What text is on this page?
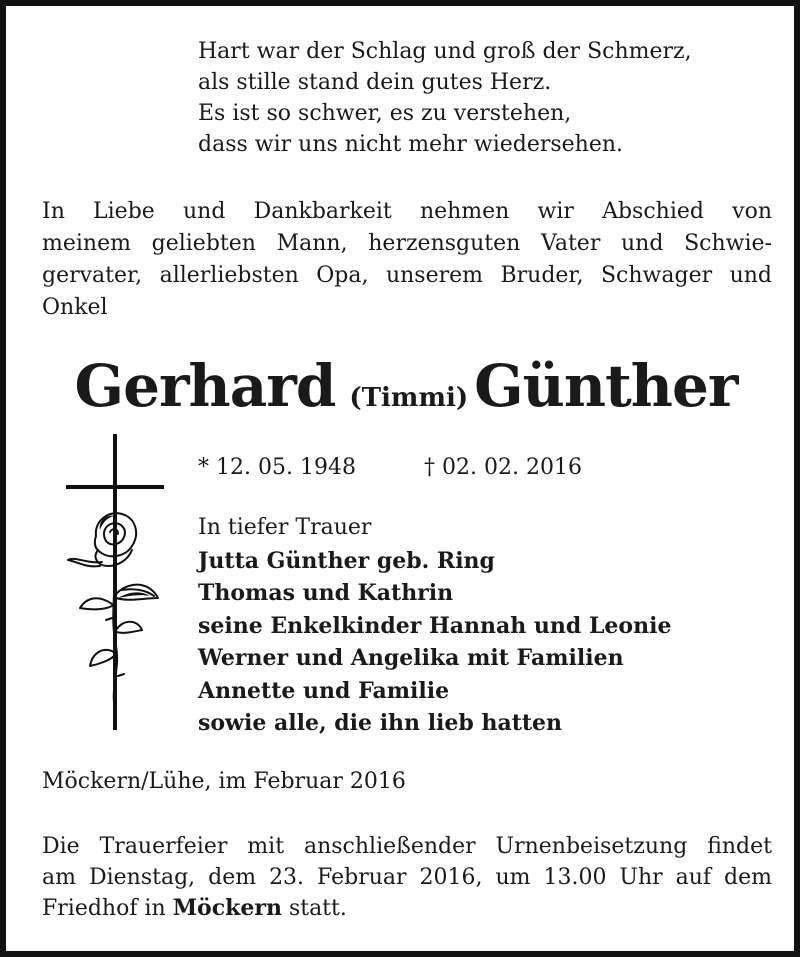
Hart war der Schlag und groß der Schmerz,
als stille stand dein gutes Herz.
Es ist so schwer, es zu verstehen,
dass wir uns nicht mehr wiedersehen.
In Liebe und Dankbarkeit nehmen wir Abschied von
meinem geliebten Mann, herzensguten Vater und Schwie-
gervater, allerliebsten Opa, unserem Bruder, Schwager und
Onkel
Gerhard (Timmi) Günther
* 12. 05. 1948	† 02. 02. 2016
In tiefer Trauer
Jutta Günther geb. Ring
Thomas und Kathrin
seine Enkelkinder Hannah und Leonie
Werner und Angelika mit Familien
Annette und Familie
sowie alle, die ihn lieb hatten
Möckern/Lühe, im Februar 2016
Die Trauerfeier mit anschließender Urnenbeisetzung findet
am Dienstag, dem 23. Februar 2016, um 13.00 Uhr auf dem
Friedhof in Möckern statt.
